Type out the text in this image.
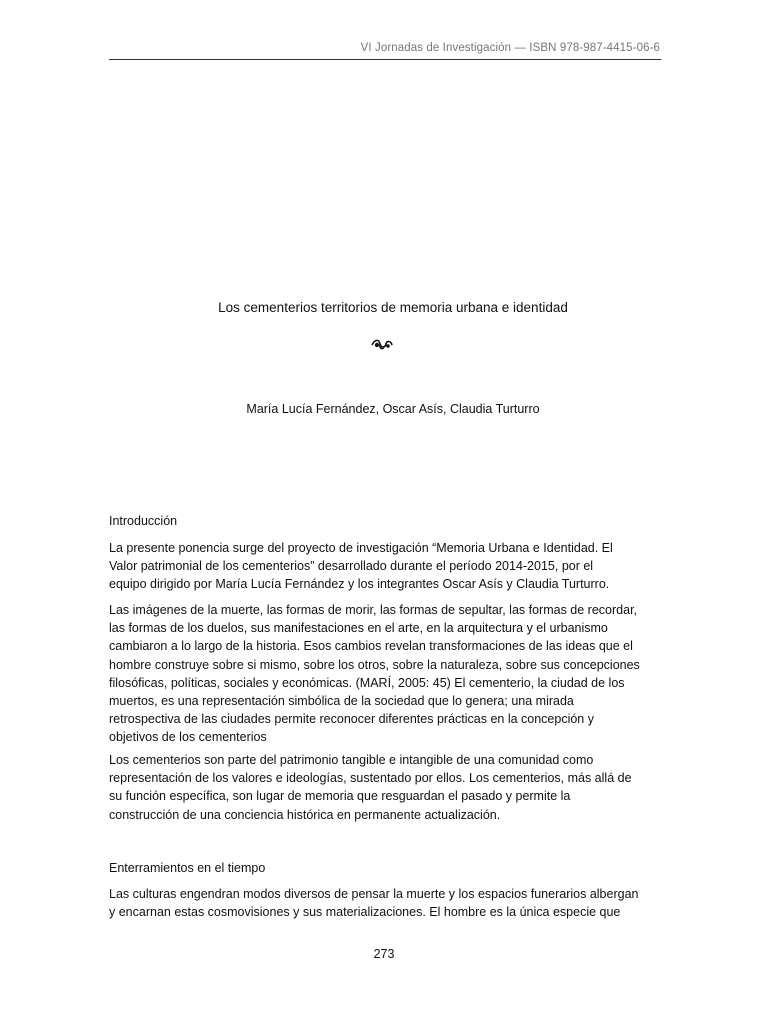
VI Jornadas de Investigación — ISBN 978-987-4415-06-6
Los cementerios territorios de memoria urbana e identidad
María Lucía Fernández, Oscar Asís, Claudia Turturro
Introducción

La presente ponencia surge del proyecto de investigación “Memoria Urbana e Identidad. El
Valor patrimonial de los cementerios” desarrollado durante el período 2014-2015, por el
equipo dirigido por María Lucía Fernández y los integrantes Oscar Asís y Claudia Turturro.

Las imágenes de la muerte, las formas de morir, las formas de sepultar, las formas de recordar,
las formas de los duelos, sus manifestaciones en el arte, en la arquitectura y el urbanismo
cambiaron a lo largo de la historia. Esos cambios revelan transformaciones de las ideas que el
hombre construye sobre si mismo, sobre los otros, sobre la naturaleza, sobre sus concepciones
filosóficas, políticas, sociales y económicas. (MARÍ, 2005: 45) El cementerio, la ciudad de los
muertos, es una representación simbólica de la sociedad que lo genera; una mirada
retrospectiva de las ciudades permite reconocer diferentes prácticas en la concepción y
objetivos de los cementerios

Los cementerios son parte del patrimonio tangible e intangible de una comunidad como
representación de los valores e ideologías, sustentado por ellos. Los cementerios, más allá de
su función específica, son lugar de memoria que resguardan el pasado y permite la
construcción de una conciencia histórica en permanente actualización.

Enterramientos en el tiempo

Las culturas engendran modos diversos de pensar la muerte y los espacios funerarios albergan
y encarnan estas cosmovisiones y sus materializaciones. El hombre es la única especie que

273
